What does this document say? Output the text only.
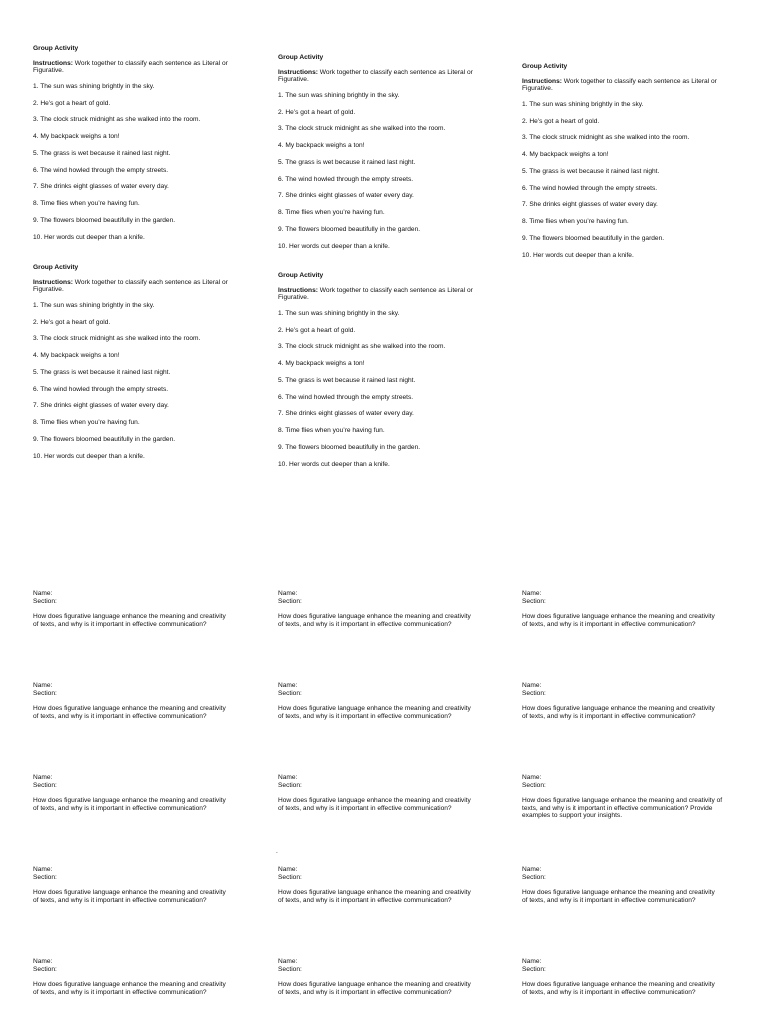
Group Activity
Instructions: Work together to classify each sentence as Literal or Figurative.
1. The sun was shining brightly in the sky.
2. He’s got a heart of gold.
3. The clock struck midnight as she walked into the room.
4. My backpack weighs a ton!
5. The grass is wet because it rained last night.
6. The wind howled through the empty streets.
7. She drinks eight glasses of water every day.
8. Time flies when you’re having fun.
9. The flowers bloomed beautifully in the garden.
10. Her words cut deeper than a knife.
Group Activity
Instructions: Work together to classify each sentence as Literal or Figurative.
1. The sun was shining brightly in the sky.
2. He’s got a heart of gold.
3. The clock struck midnight as she walked into the room.
4. My backpack weighs a ton!
5. The grass is wet because it rained last night.
6. The wind howled through the empty streets.
7. She drinks eight glasses of water every day.
8. Time flies when you’re having fun.
9. The flowers bloomed beautifully in the garden.
10. Her words cut deeper than a knife.
Group Activity
Instructions: Work together to classify each sentence as Literal or Figurative.
1. The sun was shining brightly in the sky.
2. He’s got a heart of gold.
3. The clock struck midnight as she walked into the room.
4. My backpack weighs a ton!
5. The grass is wet because it rained last night.
6. The wind howled through the empty streets.
7. She drinks eight glasses of water every day.
8. Time flies when you’re having fun.
9. The flowers bloomed beautifully in the garden.
10. Her words cut deeper than a knife.
Group Activity
Instructions: Work together to classify each sentence as Literal or Figurative.
1. The sun was shining brightly in the sky.
2. He’s got a heart of gold.
3. The clock struck midnight as she walked into the room.
4. My backpack weighs a ton!
5. The grass is wet because it rained last night.
6. The wind howled through the empty streets.
7. She drinks eight glasses of water every day.
8. Time flies when you’re having fun.
9. The flowers bloomed beautifully in the garden.
10. Her words cut deeper than a knife.
Group Activity
Instructions: Work together to classify each sentence as Literal or Figurative.
1. The sun was shining brightly in the sky.
2. He’s got a heart of gold.
3. The clock struck midnight as she walked into the room.
4. My backpack weighs a ton!
5. The grass is wet because it rained last night.
6. The wind howled through the empty streets.
7. She drinks eight glasses of water every day.
8. Time flies when you’re having fun.
9. The flowers bloomed beautifully in the garden.
10. Her words cut deeper than a knife.
Name:
Section:
How does figurative language enhance the meaning and creativity of texts, and why is it important in effective communication?
Name:
Section:
How does figurative language enhance the meaning and creativity of texts, and why is it important in effective communication?
Name:
Section:
How does figurative language enhance the meaning and creativity of texts, and why is it important in effective communication?
Name:
Section:
How does figurative language enhance the meaning and creativity of texts, and why is it important in effective communication?
Name:
Section:
How does figurative language enhance the meaning and creativity of texts, and why is it important in effective communication?
Name:
Section:
How does figurative language enhance the meaning and creativity of texts, and why is it important in effective communication?
Name:
Section:
How does figurative language enhance the meaning and creativity of texts, and why is it important in effective communication?
Name:
Section:
How does figurative language enhance the meaning and creativity of texts, and why is it important in effective communication?
Name:
Section:
How does figurative language enhance the meaning and creativity of texts, and why is it important in effective communication? Provide examples to support your insights.
.
Name:
Section:
How does figurative language enhance the meaning and creativity of texts, and why is it important in effective communication?
Name:
Section:
How does figurative language enhance the meaning and creativity of texts, and why is it important in effective communication?
Name:
Section:
How does figurative language enhance the meaning and creativity of texts, and why is it important in effective communication?
Name:
Section:
How does figurative language enhance the meaning and creativity of texts, and why is it important in effective communication?
Name:
Section:
How does figurative language enhance the meaning and creativity of texts, and why is it important in effective communication?
Name:
Section:
How does figurative language enhance the meaning and creativity of texts, and why is it important in effective communication?
